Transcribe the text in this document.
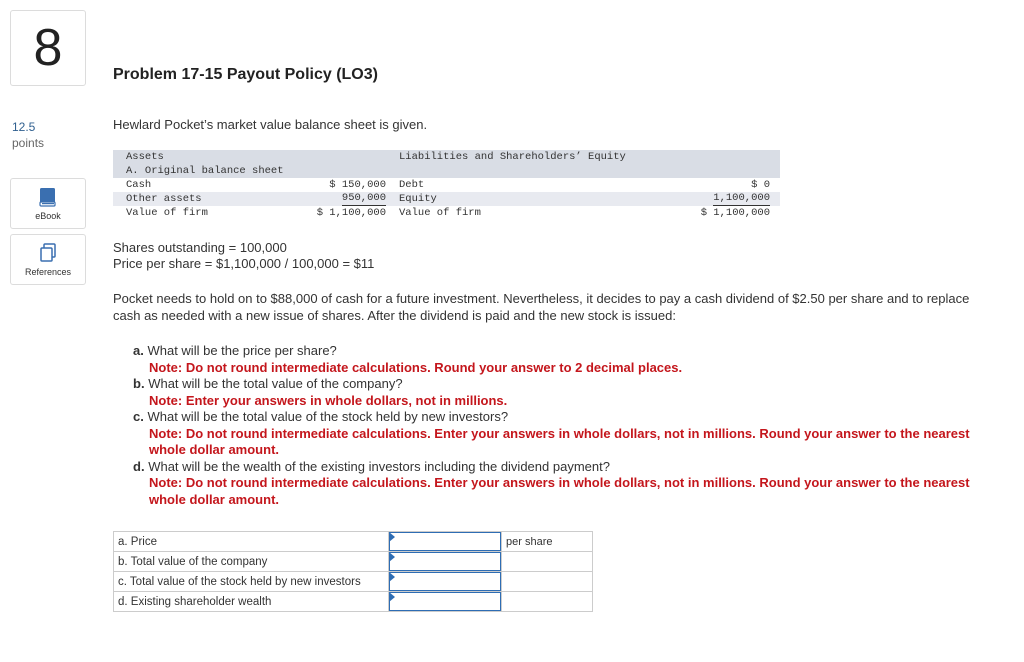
8
12.5
points
eBook
References
Problem 17-15 Payout Policy (LO3)
Hewlard Pocket’s market value balance sheet is given.
Assets	Liabilities and Shareholders’ Equity
A. Original balance sheet
Cash	$ 150,000 Debt	$ 0
Other assets	950,000 Equity	1,100,000
Value of firm	$ 1,100,000 Value of firm	$ 1,100,000
Shares outstanding = 100,000
Price per share = $1,100,000 / 100,000 = $11
Pocket needs to hold on to $88,000 of cash for a future investment. Nevertheless, it decides to pay a cash dividend of $2.50 per share and to replace cash as needed with a new issue of shares. After the dividend is paid and the new stock is issued:
a. What will be the price per share?
Note: Do not round intermediate calculations. Round your answer to 2 decimal places.
b. What will be the total value of the company?
Note: Enter your answers in whole dollars, not in millions.
c. What will be the total value of the stock held by new investors?
Note: Do not round intermediate calculations. Enter your answers in whole dollars, not in millions. Round your answer to the nearest whole dollar amount.
d. What will be the wealth of the existing investors including the dividend payment?
Note: Do not round intermediate calculations. Enter your answers in whole dollars, not in millions. Round your answer to the nearest whole dollar amount.
a. Price		per share
b. Total value of the company	

c. Total value of the stock held by new investors	

d. Existing shareholder wealth	
